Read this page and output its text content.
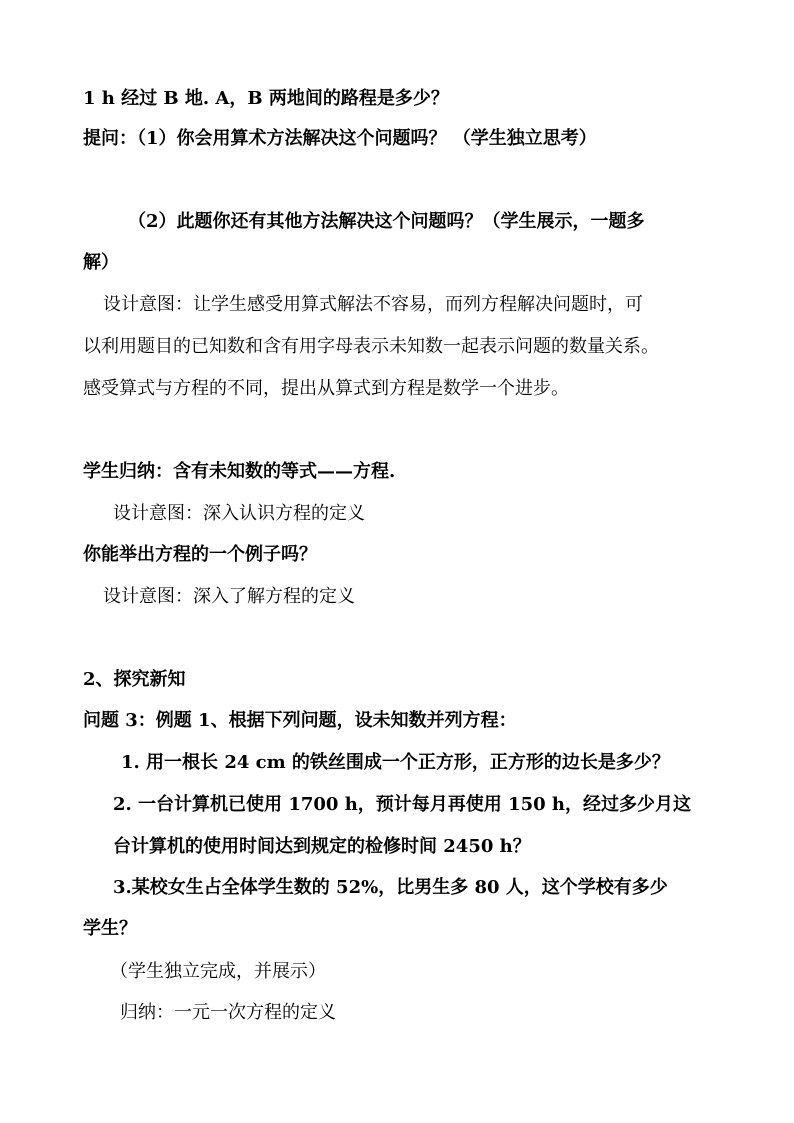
1 h 经过 B 地. A，B 两地间的路程是多少？
提问：（1）你会用算术方法解决这个问题吗？ （学生独立思考）
（2）此题你还有其他方法解决这个问题吗？（学生展示，一题多
解）
设计意图：让学生感受用算式解法不容易，而列方程解决问题时，可
以利用题目的已知数和含有用字母表示未知数一起表示问题的数量关系。
感受算式与方程的不同，提出从算式到方程是数学一个进步。
学生归纳：含有未知数的等式——方程.
设计意图：深入认识方程的定义
你能举出方程的一个例子吗？
设计意图：深入了解方程的定义
2、探究新知
问题 3：例题 1、根据下列问题，设未知数并列方程：
1. 用一根长 24 cm 的铁丝围成一个正方形，正方形的边长是多少？
2. 一台计算机已使用 1700 h，预计每月再使用 150 h，经过多少月这
台计算机的使用时间达到规定的检修时间 2450 h？
3.某校女生占全体学生数的 52%，比男生多 80 人，这个学校有多少
学生？
（学生独立完成，并展示）
归纳：一元一次方程的定义
